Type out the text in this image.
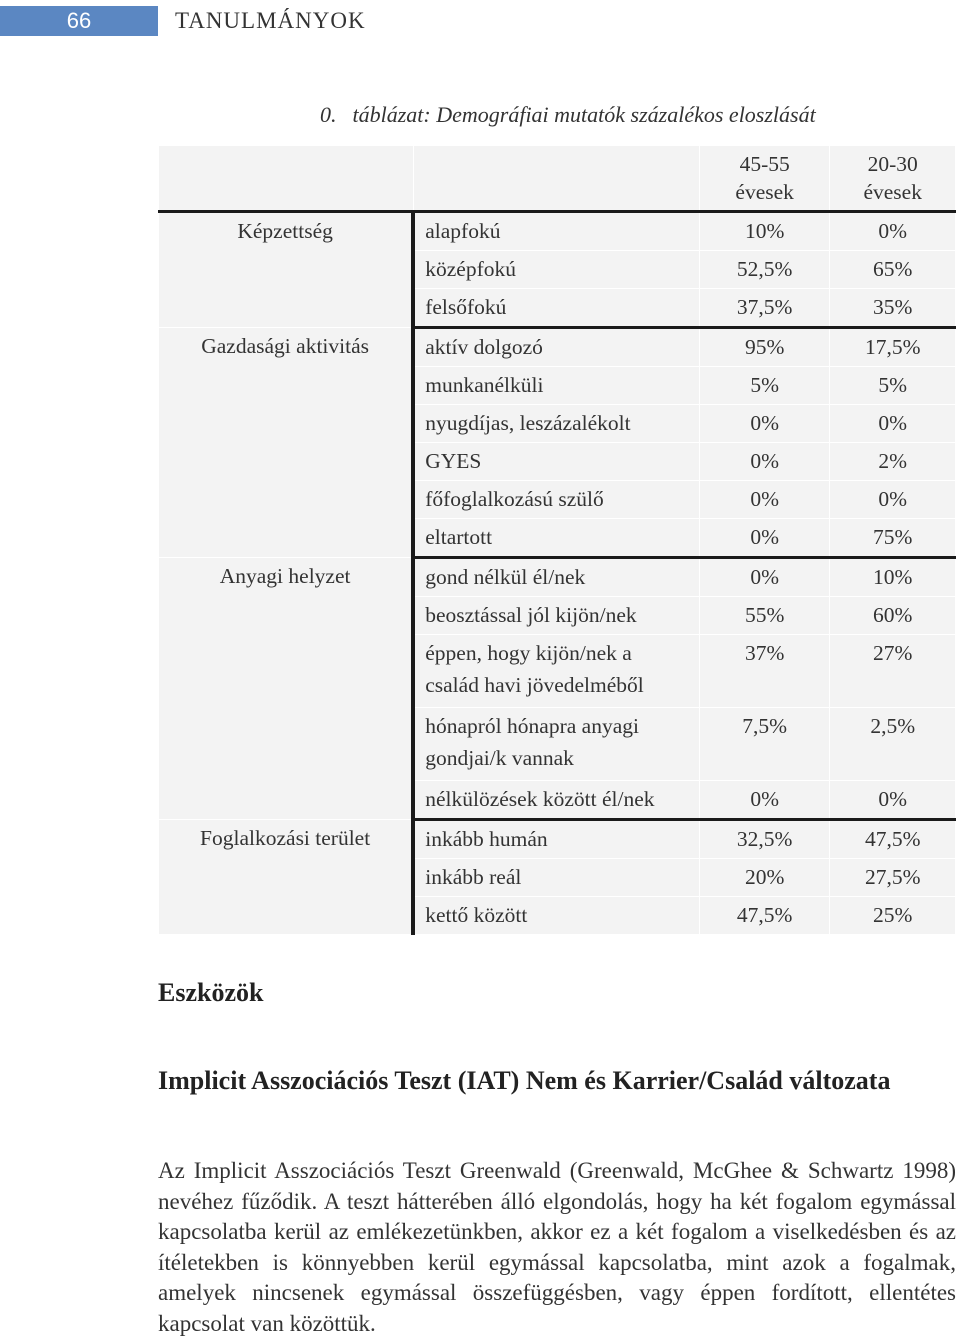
66	TANULMÁNYOK
0. táblázat: Demográfiai mutatók százalékos eloszlását
		45-55 évesek	20-30 évesek
Képzettség	alapfokú	10%	0%
	középfokú	52,5%	65%
	felsőfokú	37,5%	35%
Gazdasági aktivitás	aktív dolgozó	95%	17,5%
	munkanélküli	5%	5%
	nyugdíjas, leszázalékolt	0%	0%
	GYES	0%	2%
	főfoglalkozású szülő	0%	0%
	eltartott	0%	75%
Anyagi helyzet	gond nélkül él/nek	0%	10%
	beosztással jól kijön/nek	55%	60%
	éppen, hogy kijön/nek a család havi jövedelméből	37%	27%
	hónapról hónapra anyagi gondjai/k vannak	7,5%	2,5%
	nélkülözések között él/nek	0%	0%
Foglalkozási terület	inkább humán	32,5%	47,5%
	inkább reál	20%	27,5%
	kettő között	47,5%	25%
Eszközök
Implicit Asszociációs Teszt (IAT) Nem és Karrier/Család változata
Az Implicit Asszociációs Teszt Greenwald (Greenwald, McGhee & Schwartz 1998) nevéhez fűződik. A teszt hátterében álló elgondolás, hogy ha két fogalom egymással kapcsolatba kerül az emlékezetünkben, akkor ez a két fogalom a viselkedésben és az ítéletekben is könnyebben kerül egymással kapcsolatba, mint azok a fogalmak, amelyek nincsenek egymással összefüggésben, vagy éppen fordított, ellentétes kapcsolat van közöttük.
